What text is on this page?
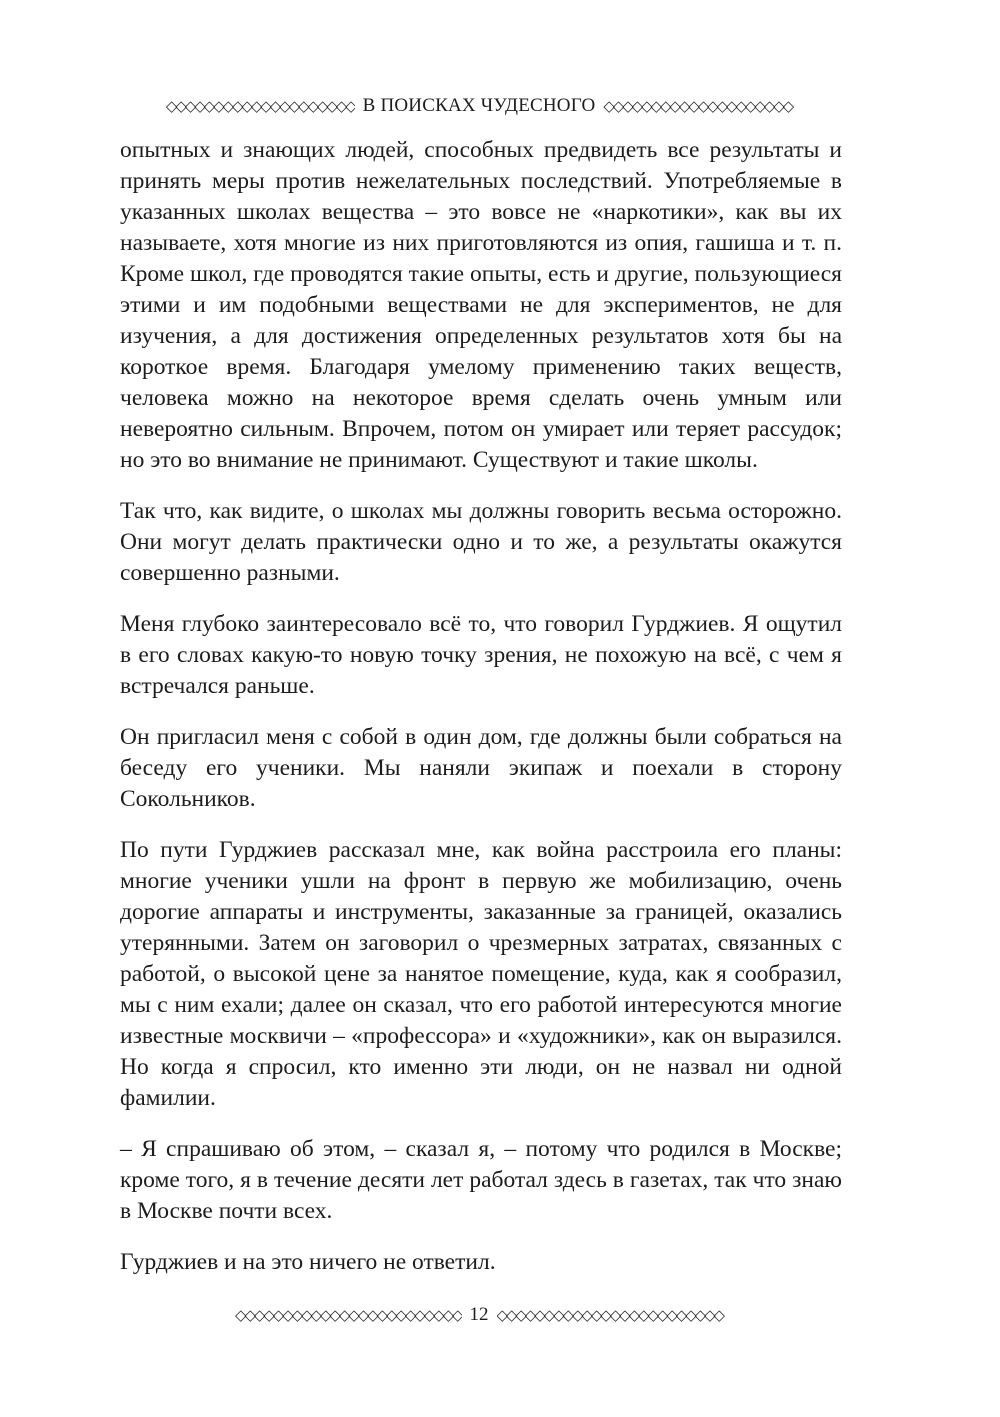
◇◇◇◇◇◇◇◇◇◇◇◇◇◇◇◇◇◇◇◇ В ПОИСКАХ ЧУДЕСНОГО ◇◇◇◇◇◇◇◇◇◇◇◇◇◇◇◇◇◇◇◇

опытных и знающих людей, способных предвидеть все результаты и принять меры против нежелательных последствий. Употребляемые в указанных школах вещества – это вовсе не «наркотики», как вы их называете, хотя многие из них приготовляются из опия, гашиша и т. п. Кроме школ, где проводятся такие опыты, есть и другие, пользующиеся этими и им подобными веществами не для экспериментов, не для изучения, а для достижения определенных результатов хотя бы на короткое время. Благодаря умелому применению таких веществ, человека можно на некоторое время сделать очень умным или невероятно сильным. Впрочем, потом он умирает или теряет рассудок; но это во внимание не принимают. Существуют и такие школы.

Так что, как видите, о школах мы должны говорить весьма осторожно. Они могут делать практически одно и то же, а результаты окажутся совершенно разными.

Меня глубоко заинтересовало всё то, что говорил Гурджиев. Я ощутил в его словах какую-то новую точку зрения, не похожую на всё, с чем я встречался раньше.

Он пригласил меня с собой в один дом, где должны были собраться на беседу его ученики. Мы наняли экипаж и поехали в сторону Сокольников.

По пути Гурджиев рассказал мне, как война расстроила его планы: многие ученики ушли на фронт в первую же мобилизацию, очень дорогие аппараты и инструменты, заказанные за границей, оказались утерянными. Затем он заговорил о чрезмерных затратах, связанных с работой, о высокой цене за нанятое помещение, куда, как я сообразил, мы с ним ехали; далее он сказал, что его работой интересуются многие известные москвичи – «профессора» и «художники», как он выразился. Но когда я спросил, кто именно эти люди, он не назвал ни одной фамилии.

– Я спрашиваю об этом, – сказал я, – потому что родился в Москве; кроме того, я в течение десяти лет работал здесь в газетах, так что знаю в Москве почти всех.

Гурджиев и на это ничего не ответил.

◇◇◇◇◇◇◇◇◇◇◇◇◇◇◇◇◇◇◇◇◇◇◇◇ 12 ◇◇◇◇◇◇◇◇◇◇◇◇◇◇◇◇◇◇◇◇◇◇◇◇
